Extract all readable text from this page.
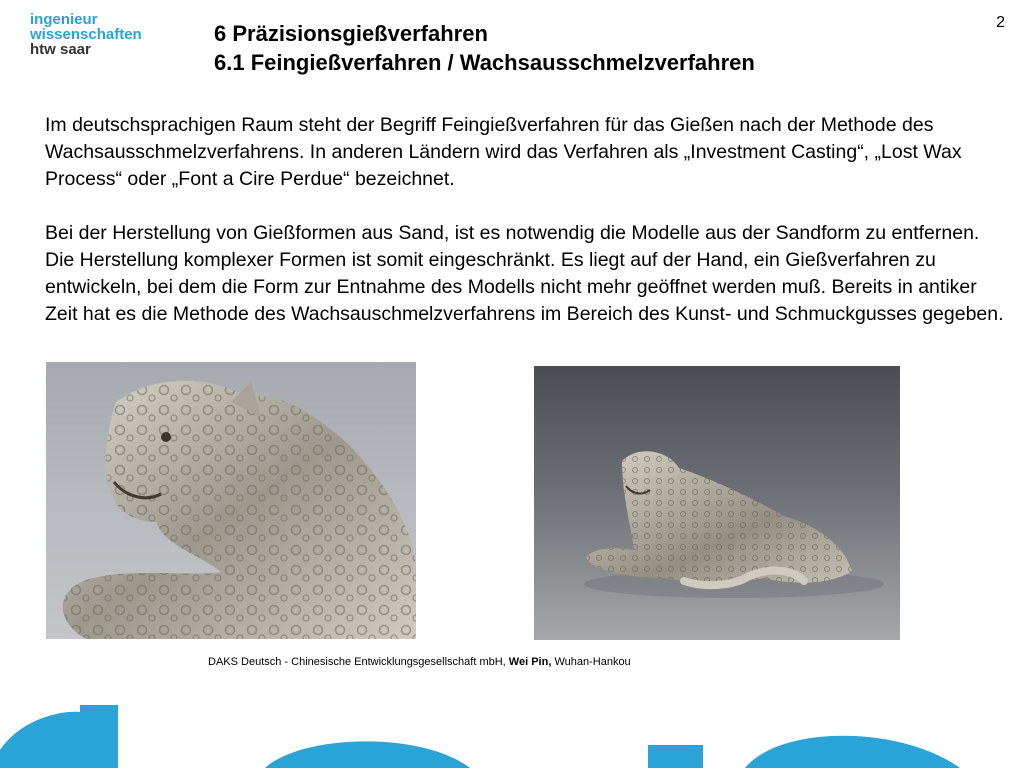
ingenieur
wissenschaften
htw saar
2
6 Präzisionsgießverfahren
6.1 Feingießverfahren / Wachsausschmelzverfahren

Im deutschsprachigen Raum steht der Begriff Feingießverfahren für das Gießen nach der Methode des Wachsausschmelzverfahrens. In anderen Ländern wird das Verfahren als „Investment Casting“, „Lost Wax Process“ oder „Font a Cire Perdue“ bezeichnet.

Bei der Herstellung von Gießformen aus Sand, ist es notwendig die Modelle aus der Sandform zu entfernen. Die Herstellung komplexer Formen ist somit eingeschränkt. Es liegt auf der Hand, ein Gießverfahren zu entwickeln, bei dem die Form zur Entnahme des Modells nicht mehr geöffnet werden muß. Bereits in antiker Zeit hat es die Methode des Wachsauschmelzverfahrens im Bereich des Kunst- und Schmuckgusses gegeben.

DAKS Deutsch - Chinesische Entwicklungsgesellschaft mbH, Wei Pin, Wuhan-Hankou
